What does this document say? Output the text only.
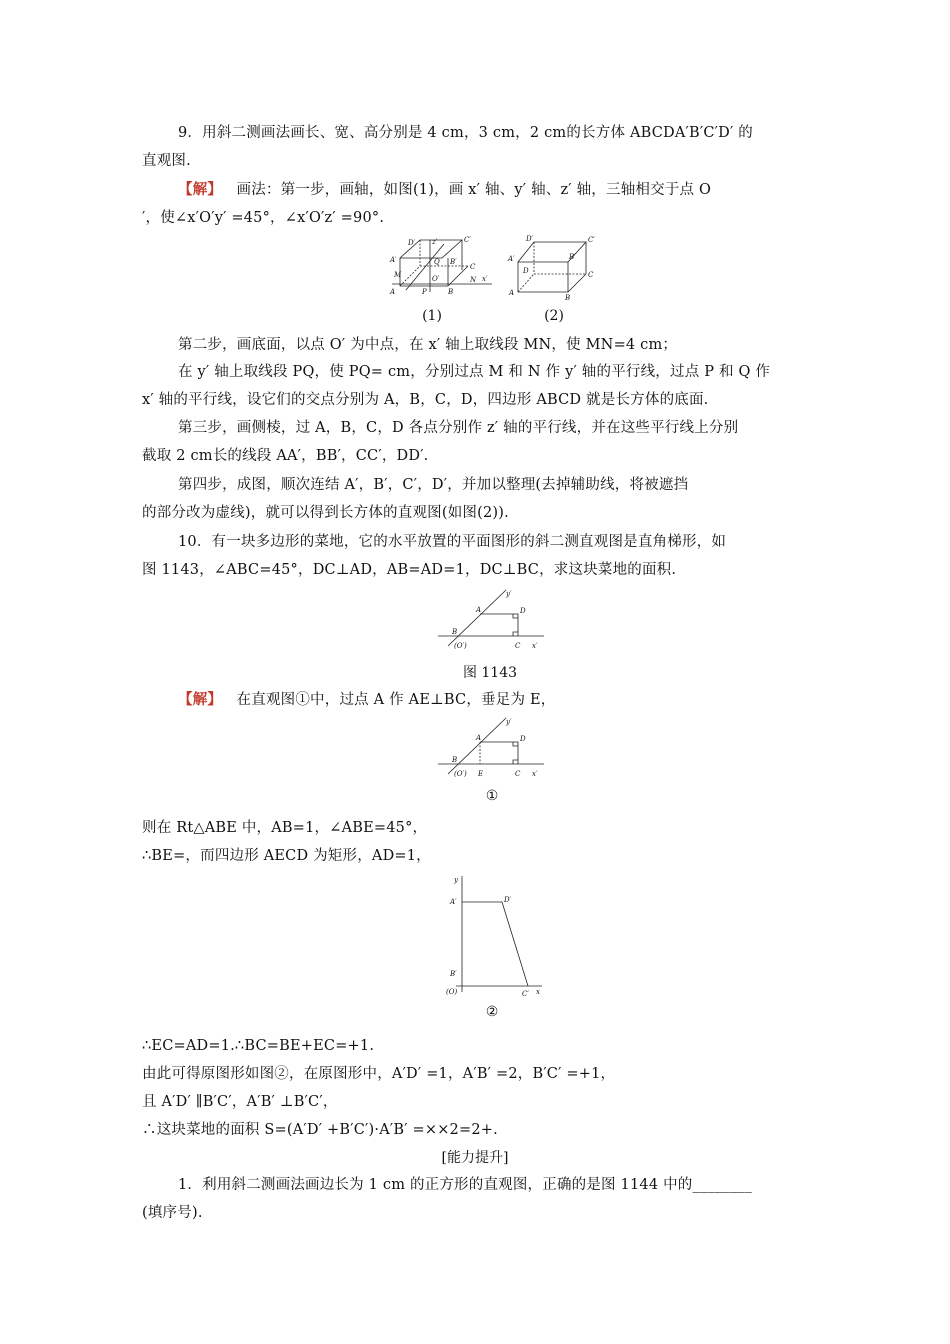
9．用斜二测画法画长、宽、高分别是 4 cm，3 cm，2 cm的长方体 ABCDA′B′C′D′ 的
直观图.
【解】 画法：第一步，画轴，如图(1)，画 x′ 轴、y′ 轴、z′ 轴，三轴相交于点 O
′，使∠x′O′y′ =45°，∠x′O′z′ =90°.
D′ z′	C′
A′	B′
Q
C
M	O′	N x′
A	P	B
D′	C′
A′	B′
D	C
A
B
(1)	(2)
第二步，画底面，以点 O′ 为中点，在 x′ 轴上取线段 MN，使 MN=4 cm；
在 y′ 轴上取线段 PQ，使 PQ= cm，分别过点 M 和 N 作 y′ 轴的平行线，过点 P 和 Q 作
x′ 轴的平行线，设它们的交点分别为 A，B，C，D，四边形 ABCD 就是长方体的底面.
第三步，画侧棱，过 A，B，C，D 各点分别作 z′ 轴的平行线，并在这些平行线上分别
截取 2 cm长的线段 AA′，BB′，CC′，DD′.
第四步，成图，顺次连结 A′，B′，C′，D′，并加以整理(去掉辅助线，将被遮挡
的部分改为虚线)，就可以得到长方体的直观图(如图(2)).
10．有一块多边形的菜地，它的水平放置的平面图形的斜二测直观图是直角梯形，如
图 1143，∠ABC=45°，DC⊥AD，AB=AD=1，DC⊥BC，求这块菜地的面积.
y′
A	D
B
(O′)	C x′
图 1143
【解】 在直观图①中，过点 A 作 AE⊥BC，垂足为 E，
y′
A	D
B
(O′) E	C x′
①
则在 Rt△ABE 中，AB=1，∠ABE=45°，
∴BE=，而四边形 AECD 为矩形，AD=1，
y
A′	D′
B′
(O)	C′ x
②
∴EC=AD=1.∴BC=BE+EC=+1.
由此可得原图形如图②，在原图形中，A′D′ =1，A′B′ =2，B′C′ =+1，
且 A′D′ ∥B′C′，A′B′ ⊥B′C′，
∴这块菜地的面积 S=(A′D′ +B′C′)·A′B′ =××2=2+.
[能力提升]
1．利用斜二测画法画边长为 1 cm 的正方形的直观图，正确的是图 1144 中的________
(填序号).
